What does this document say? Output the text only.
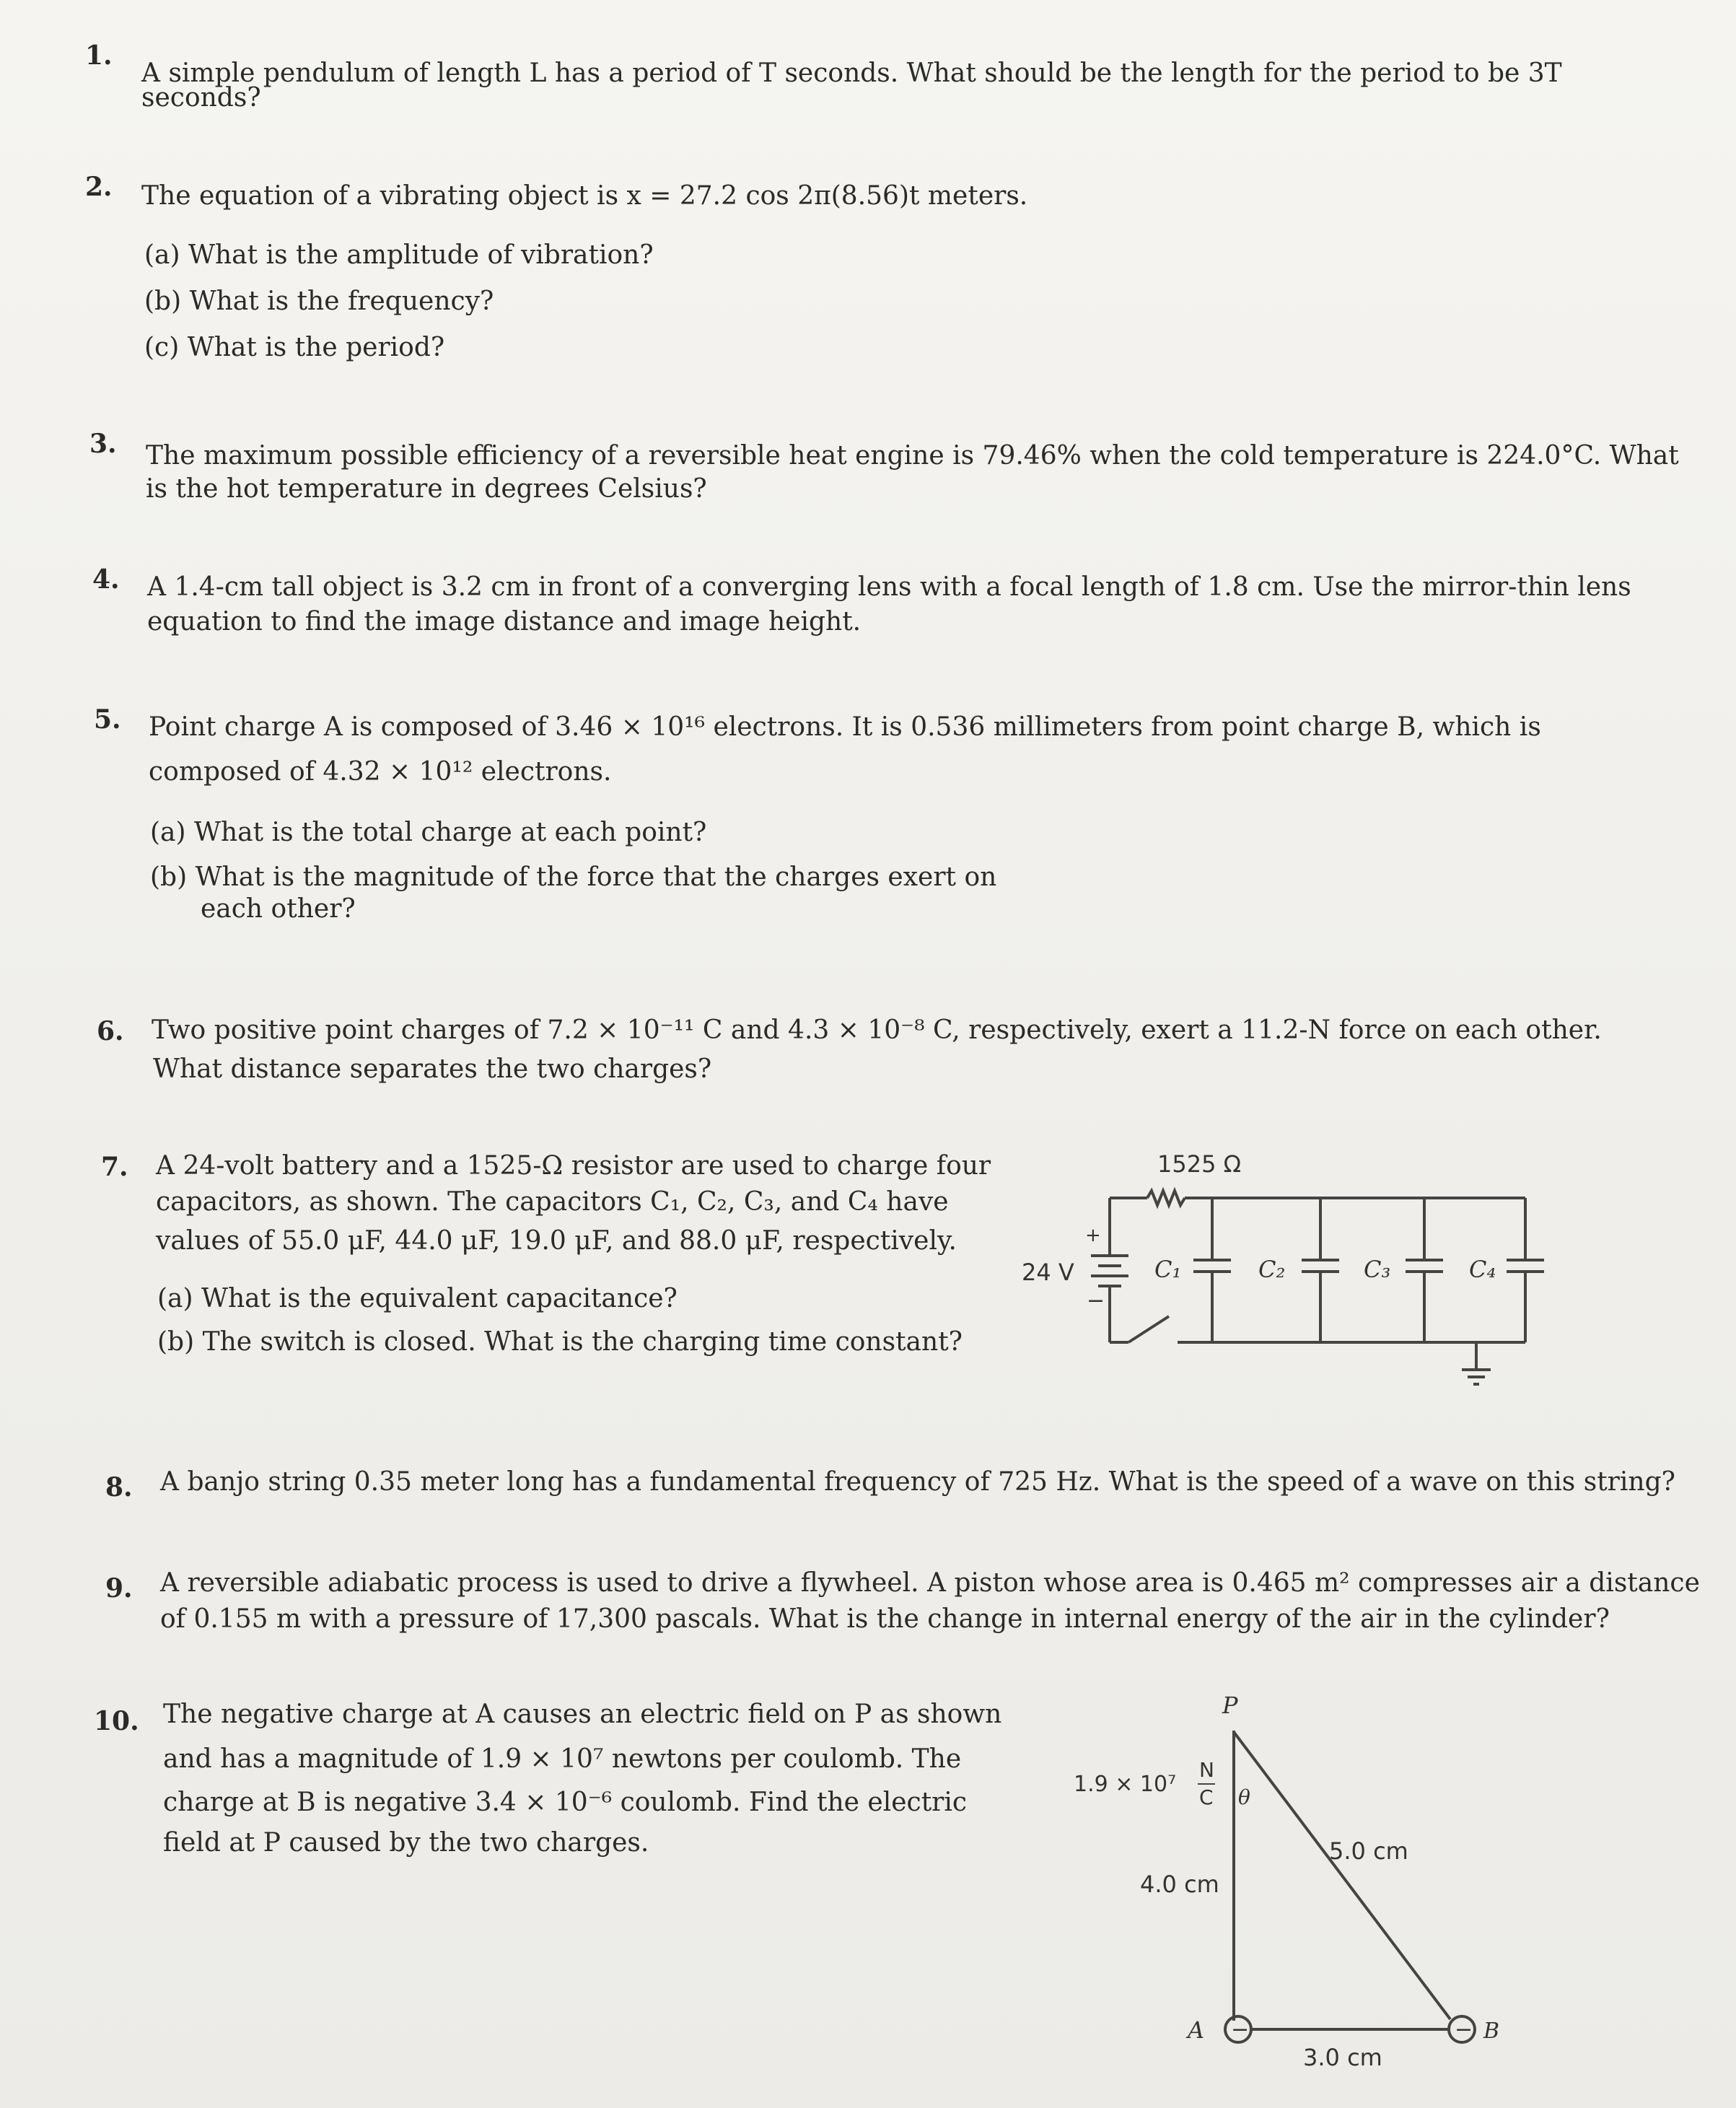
1.
A simple pendulum of length L has a period of T seconds. What should be the length for the period to be 3T
seconds?
2. The equation of a vibrating object is x = 27.2 cos 2π(8.56)t meters.
(a) What is the amplitude of vibration?
(b) What is the frequency?
(c) What is the period?
3. The maximum possible efficiency of a reversible heat engine is 79.46% when the cold temperature is 224.0°C. What
is the hot temperature in degrees Celsius?
4. A 1.4-cm tall object is 3.2 cm in front of a converging lens with a focal length of 1.8 cm. Use the mirror-thin lens
equation to find the image distance and image height.
5. Point charge A is composed of 3.46 × 10¹⁶ electrons. It is 0.536 millimeters from point charge B, which is
composed of 4.32 × 10¹² electrons.
(a) What is the total charge at each point?
(b) What is the magnitude of the force that the charges exert on
each other?
6. Two positive point charges of 7.2 × 10⁻¹¹ C and 4.3 × 10⁻⁸ C, respectively, exert a 11.2-N force on each other.
What distance separates the two charges?
7. A 24-volt battery and a 1525-Ω resistor are used to charge four
capacitors, as shown. The capacitors C₁, C₂, C₃, and C₄ have
values of 55.0 μF, 44.0 μF, 19.0 μF, and 88.0 μF, respectively.
(a) What is the equivalent capacitance?
(b) The switch is closed. What is the charging time constant?
1525 Ω
24 V
+
−
C₁	C₂	C₃	C₄
8. A banjo string 0.35 meter long has a fundamental frequency of 725 Hz. What is the speed of a wave on this string?
9. A reversible adiabatic process is used to drive a flywheel. A piston whose area is 0.465 m² compresses air a distance
of 0.155 m with a pressure of 17,300 pascals. What is the change in internal energy of the air in the cylinder?
10. The negative charge at A causes an electric field on P as shown
and has a magnitude of 1.9 × 10⁷ newtons per coulomb. The
charge at B is negative 3.4 × 10⁻⁶ coulomb. Find the electric
field at P caused by the two charges.
−	−
P
A	B
θ
1.9 × 10⁷
N
C
4.0 cm
5.0 cm
3.0 cm
